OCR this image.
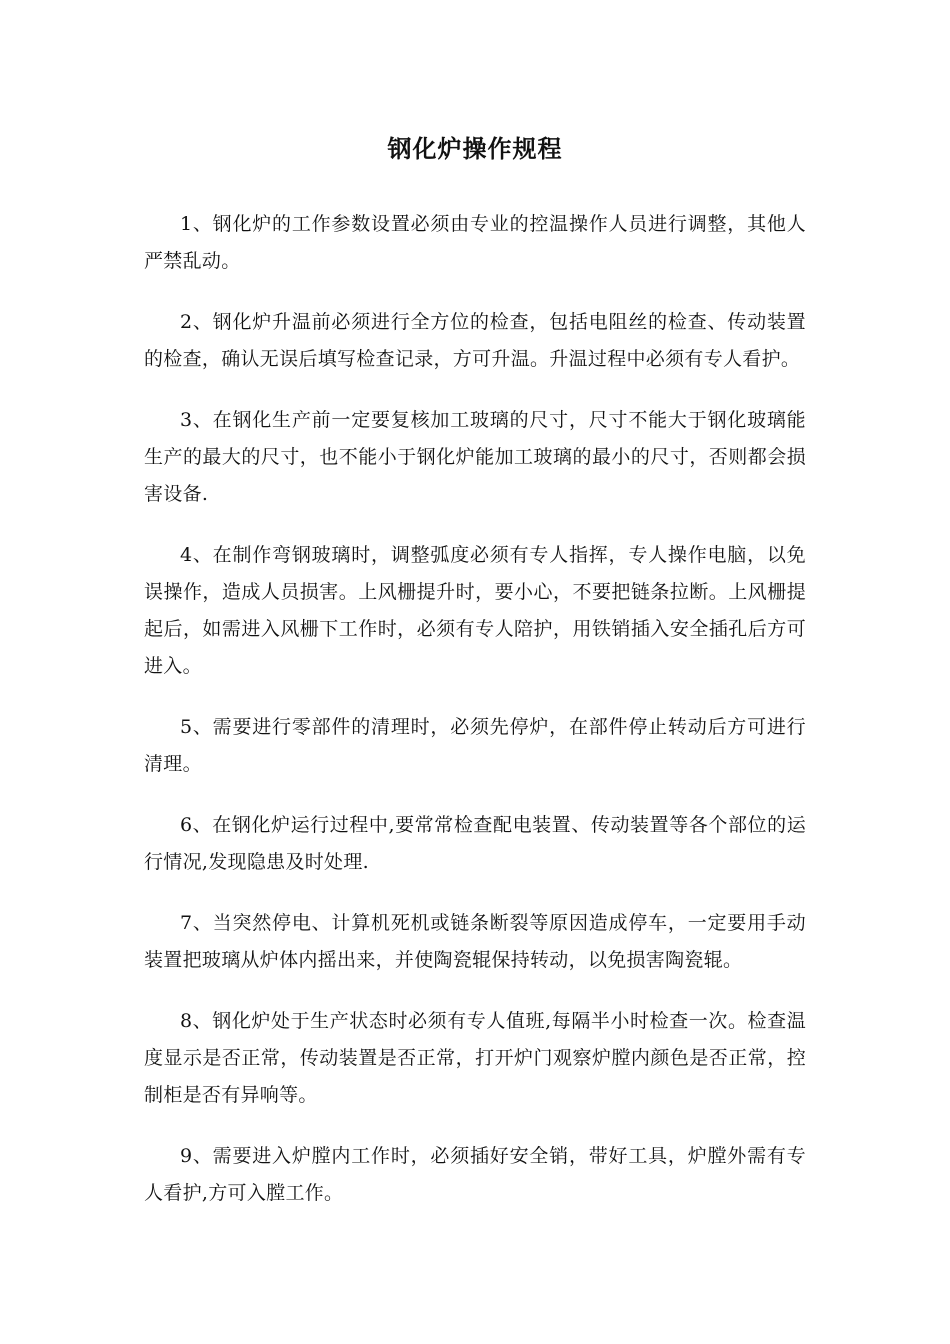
钢化炉操作规程

1、钢化炉的工作参数设置必须由专业的控温操作人员进行调整，其他人严禁乱动。

2、钢化炉升温前必须进行全方位的检查，包括电阻丝的检查、传动装置的检查，确认无误后填写检查记录，方可升温。升温过程中必须有专人看护。

3、在钢化生产前一定要复核加工玻璃的尺寸，尺寸不能大于钢化玻璃能生产的最大的尺寸，也不能小于钢化炉能加工玻璃的最小的尺寸，否则都会损害设备.

4、在制作弯钢玻璃时，调整弧度必须有专人指挥，专人操作电脑，以免误操作，造成人员损害。上风栅提升时，要小心，不要把链条拉断。上风栅提起后，如需进入风栅下工作时，必须有专人陪护，用铁销插入安全插孔后方可进入。

5、需要进行零部件的清理时，必须先停炉，在部件停止转动后方可进行清理。

6、在钢化炉运行过程中,要常常检查配电装置、传动装置等各个部位的运行情况,发现隐患及时处理.

7、当突然停电、计算机死机或链条断裂等原因造成停车，一定要用手动装置把玻璃从炉体内摇出来，并使陶瓷辊保持转动，以免损害陶瓷辊。

8、钢化炉处于生产状态时必须有专人值班,每隔半小时检查一次。检查温度显示是否正常，传动装置是否正常，打开炉门观察炉膛内颜色是否正常，控制柜是否有异响等。

9、需要进入炉膛内工作时，必须插好安全销，带好工具，炉膛外需有专人看护,方可入膛工作。
